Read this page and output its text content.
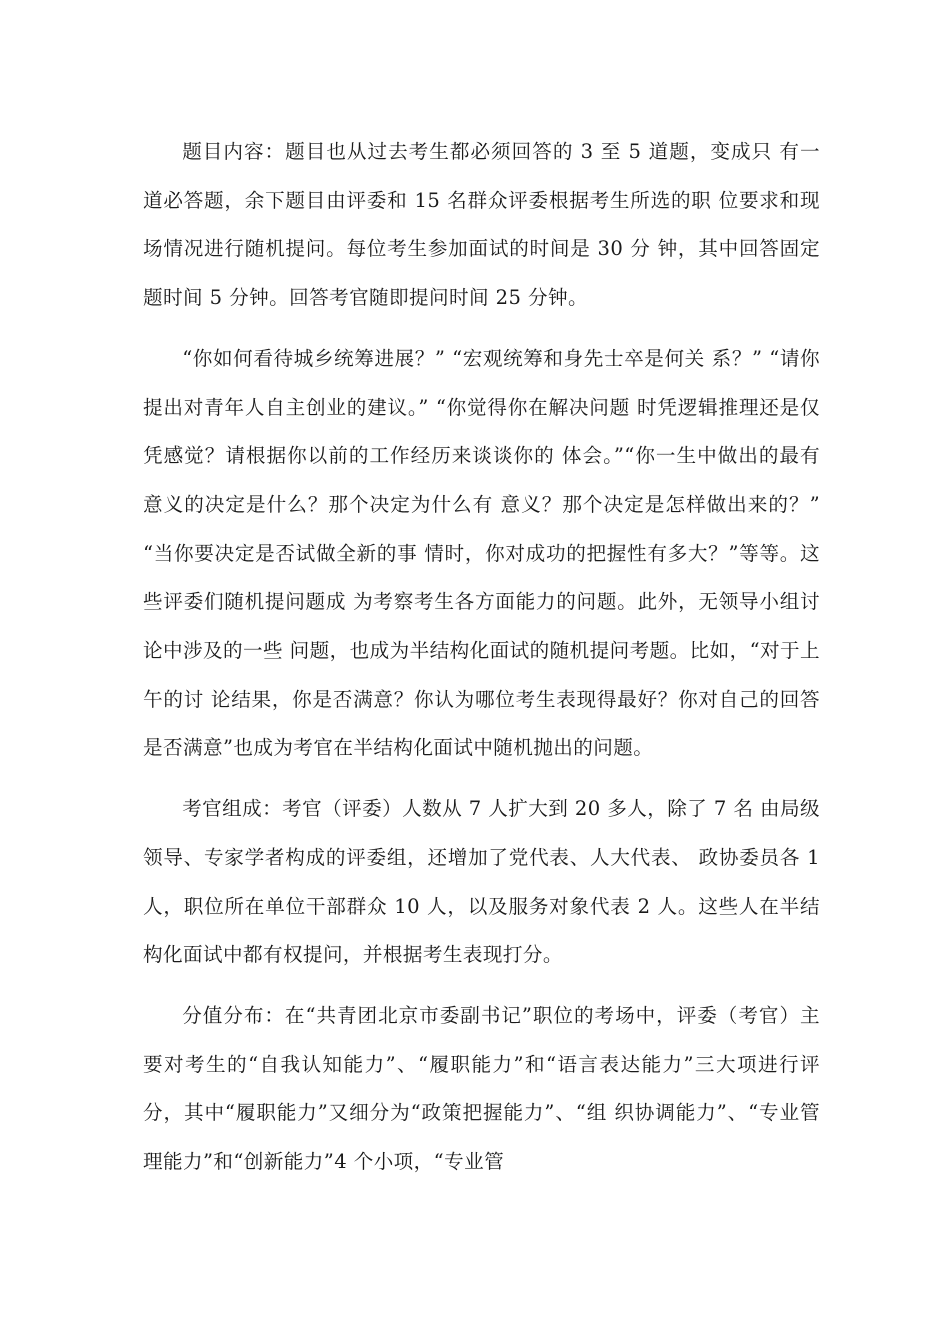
题目内容：题目也从过去考生都必须回答的 3 至 5 道题，变成只 有一道必答题，余下题目由评委和 15 名群众评委根据考生所选的职 位要求和现场情况进行随机提问。每位考生参加面试的时间是 30 分 钟，其中回答固定题时间 5 分钟。回答考官随即提问时间 25 分钟。

“你如何看待城乡统筹进展？” “宏观统筹和身先士卒是何关 系？” “请你提出对青年人自主创业的建议。” “你觉得你在解决问题 时凭逻辑推理还是仅凭感觉？请根据你以前的工作经历来谈谈你的 体会。”“你一生中做出的最有意义的决定是什么？那个决定为什么有 意义？那个决定是怎样做出来的？” “当你要决定是否试做全新的事 情时，你对成功的把握性有多大？”等等。这些评委们随机提问题成 为考察考生各方面能力的问题。此外，无领导小组讨论中涉及的一些 问题，也成为半结构化面试的随机提问考题。比如，“对于上午的讨 论结果，你是否满意？你认为哪位考生表现得最好？你对自己的回答 是否满意”也成为考官在半结构化面试中随机抛出的问题。

考官组成：考官（评委）人数从 7 人扩大到 20 多人，除了 7 名 由局级领导、专家学者构成的评委组，还增加了党代表、人大代表、 政协委员各 1 人，职位所在单位干部群众 10 人，以及服务对象代表 2 人。这些人在半结构化面试中都有权提问，并根据考生表现打分。

分值分布：在“共青团北京市委副书记”职位的考场中，评委（考官）主要对考生的“自我认知能力”、“履职能力”和“语言表达能力”三大项进行评分，其中“履职能力”又细分为“政策把握能力”、“组 织协调能力”、“专业管理能力”和“创新能力”4 个小项，“专业管
